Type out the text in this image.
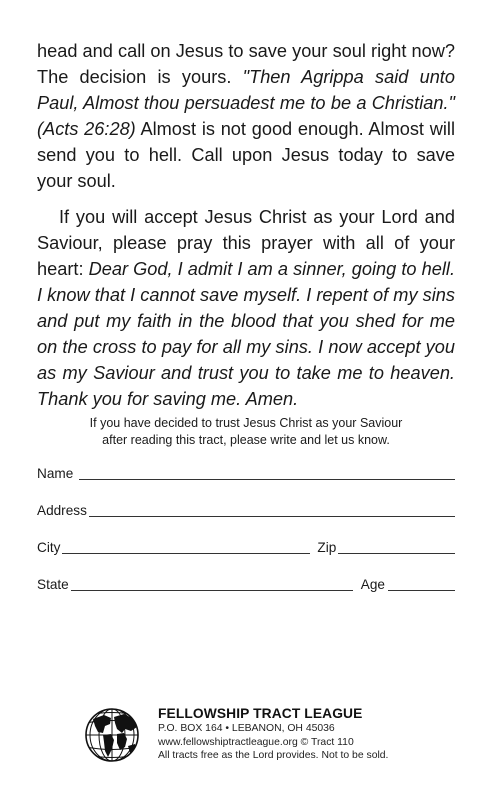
head and call on Jesus to save your soul right now? The decision is yours. "Then Agrippa said unto Paul, Almost thou persuadest me to be a Christian." (Acts 26:28) Almost is not good enough. Almost will send you to hell. Call upon Jesus today to save your soul.

If you will accept Jesus Christ as your Lord and Saviour, please pray this prayer with all of your heart: Dear God, I admit I am a sinner, going to hell. I know that I cannot save myself. I repent of my sins and put my faith in the blood that you shed for me on the cross to pay for all my sins. I now accept you as my Saviour and trust you to take me to heaven. Thank you for saving me. Amen.

If you have decided to trust Jesus Christ as your Saviour
after reading this tract, please write and let us know.
Name
Address
City	Zip
State	Age
FELLOWSHIP TRACT LEAGUE
P.O. BOX 164 • LEBANON, OH 45036
www.fellowshiptractleague.org © Tract 110
All tracts free as the Lord provides. Not to be sold.
